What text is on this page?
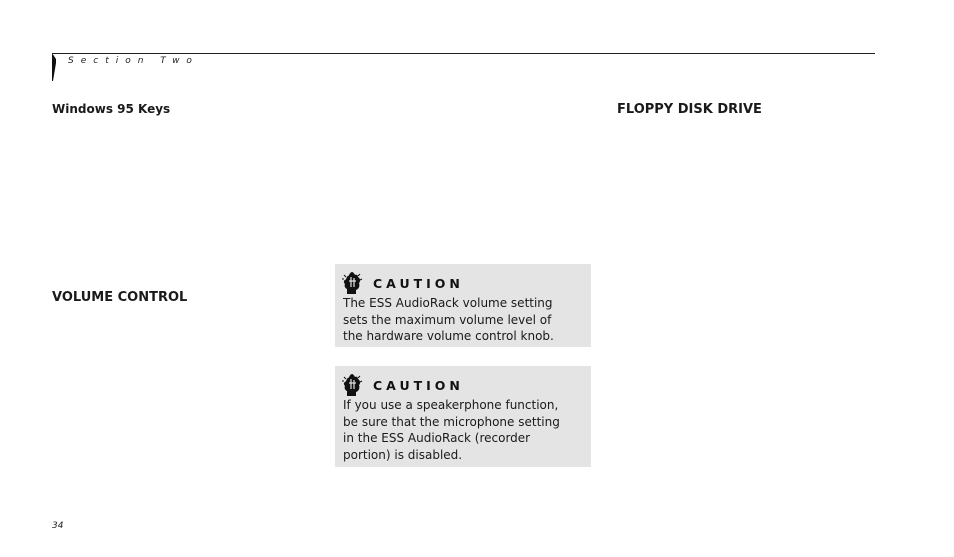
Section Two
Windows 95 Keys	FLOPPY DISK DRIVE
VOLUME CONTROL
CAUTION
The ESS AudioRack volume setting sets the maximum volume level of the hardware volume control knob.
CAUTION
If you use a speakerphone function, be sure that the microphone setting in the ESS AudioRack (recorder portion) is disabled.
34
